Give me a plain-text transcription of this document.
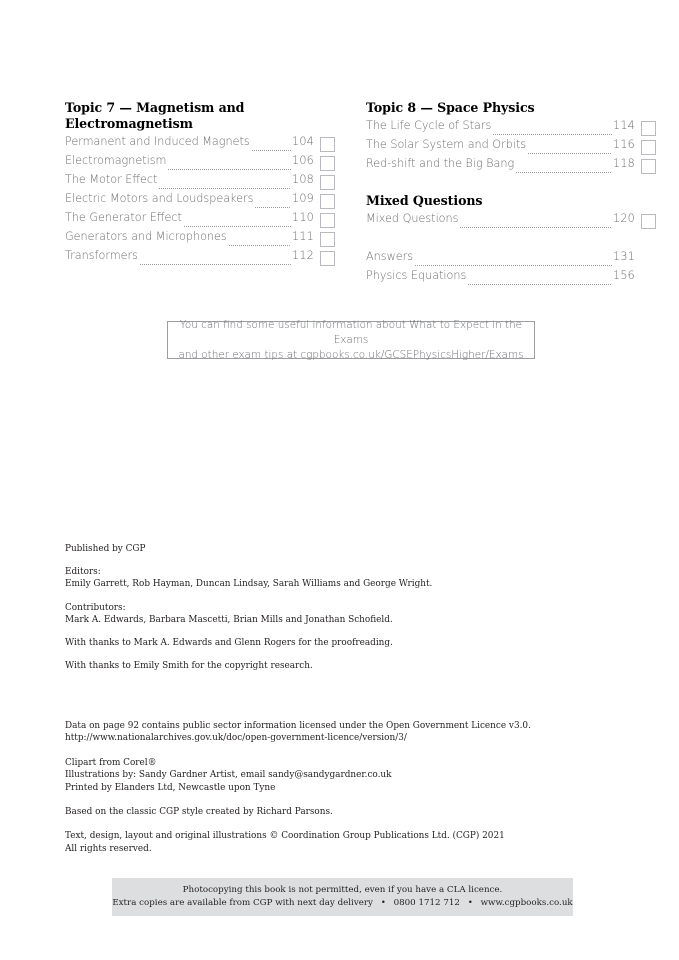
Topic 7 — Magnetism and Electromagnetism
Permanent and Induced Magnets	104
Electromagnetism	106
The Motor Effect	108
Electric Motors and Loudspeakers	109
The Generator Effect	110
Generators and Microphones	111
Transformers	112
Topic 8 — Space Physics
The Life Cycle of Stars	114
The Solar System and Orbits	116
Red-shift and the Big Bang	118
Mixed Questions
Mixed Questions	120
Answers	131
Physics Equations	156
You can find some useful information about What to Expect in the Exams
and other exam tips at cgpbooks.co.uk/GCSEPhysicsHigher/Exams

Published by CGP

Editors:
Emily Garrett, Rob Hayman, Duncan Lindsay, Sarah Williams and George Wright.
Contributors:
Mark A. Edwards, Barbara Mascetti, Brian Mills and Jonathan Schofield.

With thanks to Mark A. Edwards and Glenn Rogers for the proofreading.

With thanks to Emily Smith for the copyright research.

Data on page 92 contains public sector information licensed under the Open Government Licence v3.0.
http://www.nationalarchives.gov.uk/doc/open-government-licence/version/3/
Clipart from Corel®
Illustrations by: Sandy Gardner Artist, email sandy@sandygardner.co.uk
Printed by Elanders Ltd, Newcastle upon Tyne
Based on the classic CGP style created by Richard Parsons.
Text, design, layout and original illustrations © Coordination Group Publications Ltd. (CGP) 2021
All rights reserved.
Photocopying this book is not permitted, even if you have a CLA licence.
Extra copies are available from CGP with next day delivery • 0800 1712 712 • www.cgpbooks.co.uk
